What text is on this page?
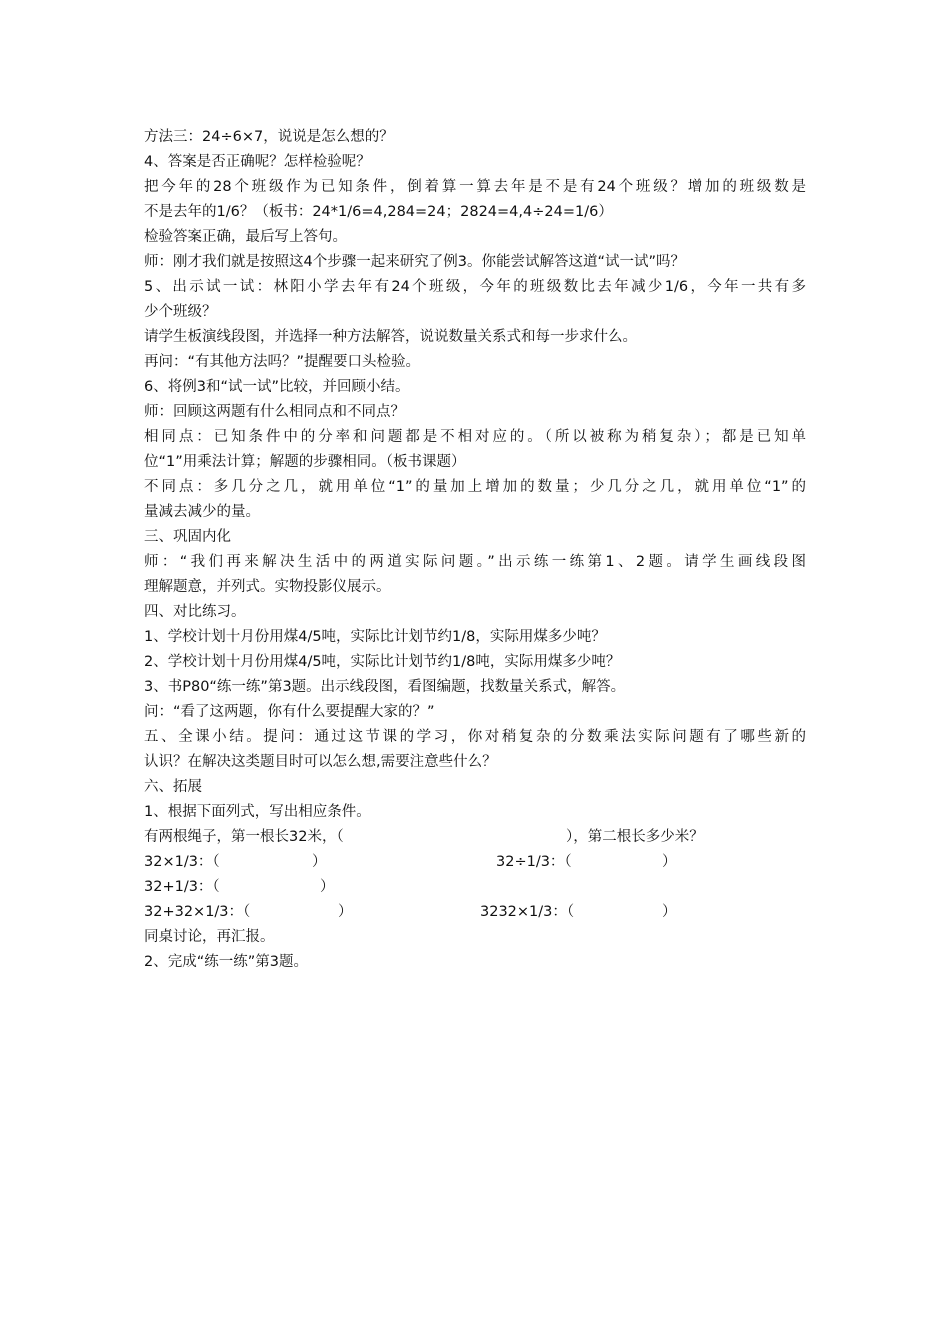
方法三：24÷6×7，说说是怎么想的？
4、答案是否正确呢？怎样检验呢？
把今年的28个班级作为已知条件，倒着算一算去年是不是有24个班级？增加的班级数是
不是去年的1/6？（板书：24*1/6=4,284=24；2824=4,4÷24=1/6）
检验答案正确，最后写上答句。
师：刚才我们就是按照这4个步骤一起来研究了例3。你能尝试解答这道“试一试”吗？
5、出示试一试：林阳小学去年有24个班级，今年的班级数比去年减少1/6，今年一共有多
少个班级？
请学生板演线段图，并选择一种方法解答，说说数量关系式和每一步求什么。
再问：“有其他方法吗？”提醒要口头检验。
6、将例3和“试一试”比较，并回顾小结。
师：回顾这两题有什么相同点和不同点？
相同点：已知条件中的分率和问题都是不相对应的。（所以被称为稍复杂）；都是已知单
位“1”用乘法计算；解题的步骤相同。（板书课题）
不同点：多几分之几，就用单位“1”的量加上增加的数量；少几分之几，就用单位“1”的
量减去减少的量。
三、巩固内化
师：“我们再来解决生活中的两道实际问题。”出示练一练第1、2题。请学生画线段图
理解题意，并列式。实物投影仪展示。
四、对比练习。
1、学校计划十月份用煤4/5吨，实际比计划节约1/8，实际用煤多少吨？
2、学校计划十月份用煤4/5吨，实际比计划节约1/8吨，实际用煤多少吨？
3、书P80“练一练”第3题。出示线段图，看图编题，找数量关系式，解答。
问：“看了这两题，你有什么要提醒大家的？”
五、全课小结。提问：通过这节课的学习，你对稍复杂的分数乘法实际问题有了哪些新的
认识？在解决这类题目时可以怎么想,需要注意些什么？
六、拓展
1、根据下面列式，写出相应条件。
有两根绳子，第一根长32米，（	），第二根长多少米？
32×1/3：（	）	32÷1/3：（	）
32+1/3：（	）
32+32×1/3：（	）	3232×1/3：（	）
同桌讨论，再汇报。
2、完成“练一练”第3题。
